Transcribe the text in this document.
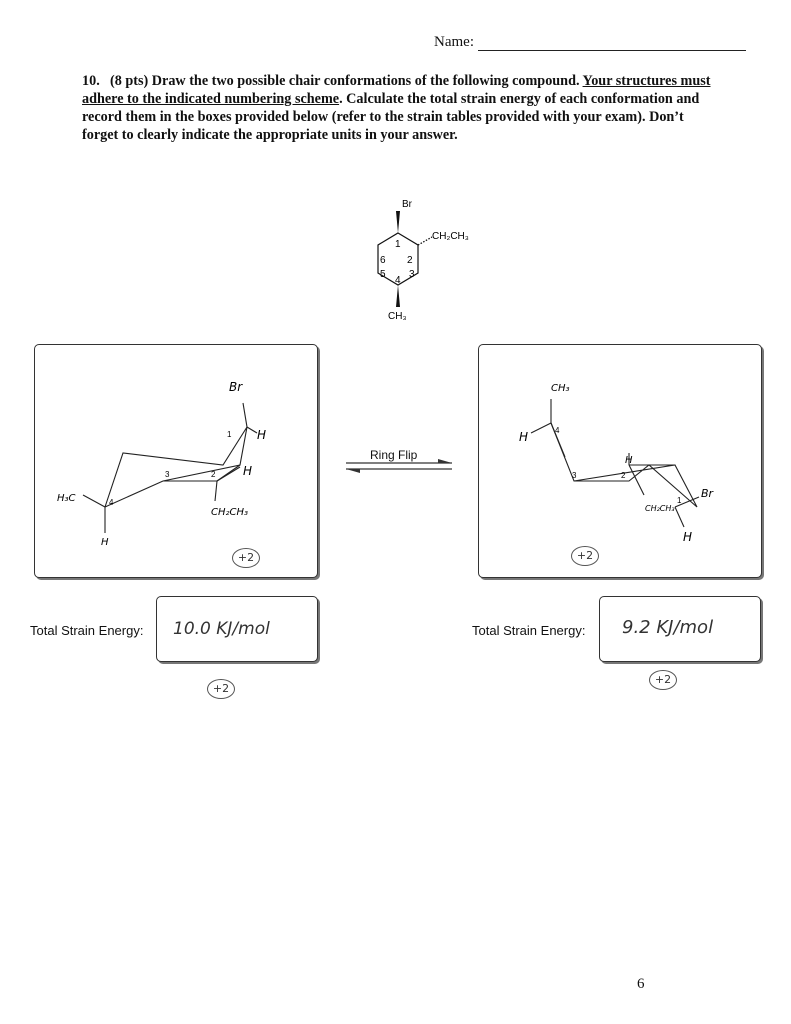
Name:
10. (8 pts) Draw the two possible chair conformations of the following compound. Your structures must adhere to the indicated numbering scheme. Calculate the total strain energy of each conformation and record them in the boxes provided below (refer to the strain tables provided with your exam). Don’t forget to clearly indicate the appropriate units in your answer.
Br
CH₂CH₃
CH₃
1
2
3
4
5
6
Br
H
H
CH₂CH₃
H₃C
H
1
2
3
4
+2
Ring Flip
CH₃
H
H
CH₂CH₃
Br
H
4
3	2
1
+2
Total Strain Energy: 10.0 KJ/mol
+2
Total Strain Energy: 9.2 KJ/mol
+2
6
